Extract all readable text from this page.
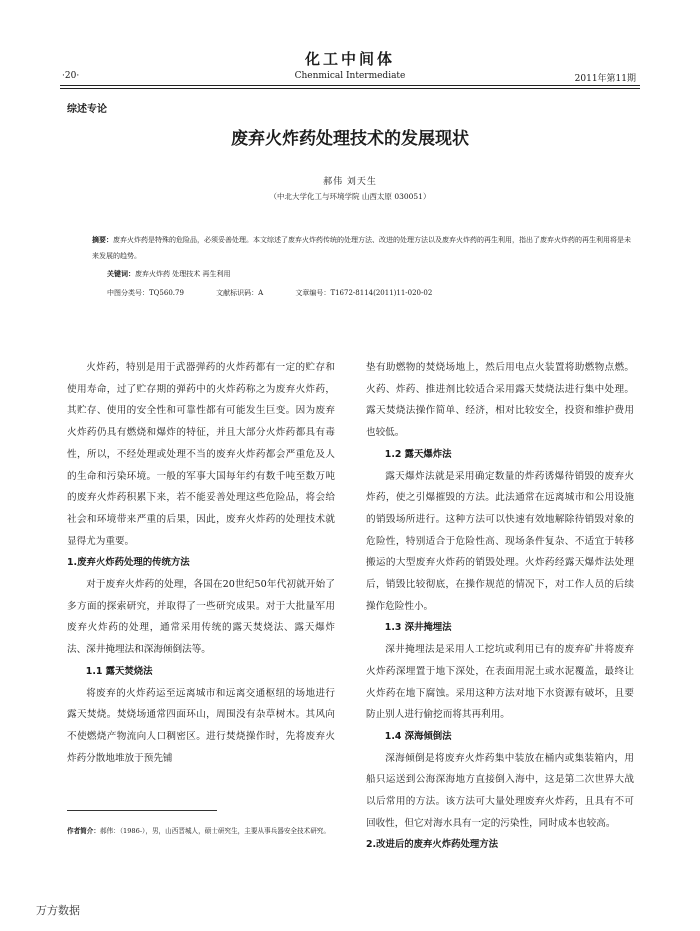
化工中间体
·20·	Chenmical Intermediate	2011年第11期
综述专论
废弃火炸药处理技术的发展现状
郝伟 刘天生
（中北大学化工与环境学院 山西太原 030051）
摘要：废弃火炸药是特殊的危险品，必须妥善处理。本文综述了废弃火炸药传统的处理方法、改进的处理方法以及废弃火炸药的再生利用，指出了废弃火炸药的再生利用将是未来发展的趋势。
关键词：废弃火炸药 处理技术 再生利用
中图分类号：TQ560.79	文献标识码：A	文章编号：T1672-8114(2011)11-020-02

火炸药，特别是用于武器弹药的火炸药都有一定的贮存和使用寿命，过了贮存期的弹药中的火炸药称之为废弃火炸药，其贮存、使用的安全性和可靠性都有可能发生巨变。因为废弃火炸药仍具有燃烧和爆炸的特征，并且大部分火炸药都具有毒性，所以，不经处理或处理不当的废弃火炸药都会严重危及人的生命和污染环境。一般的军事大国每年约有数千吨至数万吨的废弃火炸药积累下来，若不能妥善处理这些危险品，将会给社会和环境带来严重的后果，因此，废弃火炸药的处理技术就显得尤为重要。

1.废弃火炸药处理的传统方法

对于废弃火炸药的处理，各国在20世纪50年代初就开始了多方面的探索研究，并取得了一些研究成果。对于大批量军用废弃火炸药的处理，通常采用传统的露天焚烧法、露天爆炸法、深井掩埋法和深海倾倒法等。

1.1 露天焚烧法

将废弃的火炸药运至远离城市和远离交通枢纽的场地进行露天焚烧。焚烧场通常四面环山，周围没有杂草树木。其风向不使燃烧产物流向人口稠密区。进行焚烧操作时，先将废弃火炸药分散地堆放于预先铺

垫有助燃物的焚烧场地上，然后用电点火装置将助燃物点燃。火药、炸药、推进剂比较适合采用露天焚烧法进行集中处理。露天焚烧法操作简单、经济，相对比较安全，投资和维护费用也较低。

1.2 露天爆炸法

露天爆炸法就是采用确定数量的炸药诱爆待销毁的废弃火炸药，使之引爆摧毁的方法。此法通常在远离城市和公用设施的销毁场所进行。这种方法可以快速有效地解除待销毁对象的危险性，特别适合于危险性高、现场条件复杂、不适宜于转移搬运的大型废弃火炸药的销毁处理。火炸药经露天爆炸法处理后，销毁比较彻底，在操作规范的情况下，对工作人员的后续操作危险性小。

1.3 深井掩埋法

深井掩埋法是采用人工挖坑或利用已有的废弃矿井将废弃火炸药深埋置于地下深处，在表面用泥土或水泥覆盖，最终让火炸药在地下腐蚀。采用这种方法对地下水资源有破坏，且要防止别人进行偷挖而将其再利用。

1.4 深海倾倒法

深海倾倒是将废弃火炸药集中装放在桶内或集装箱内，用船只运送到公海深海地方直接倒入海中，这是第二次世界大战以后常用的方法。该方法可大量处理废弃火炸药，且具有不可回收性，但它对海水具有一定的污染性，同时成本也较高。

2.改进后的废弃火炸药处理方法

作者简介：郝伟：（1986-），男，山西晋城人，硕士研究生，主要从事兵器安全技术研究。
万方数据
